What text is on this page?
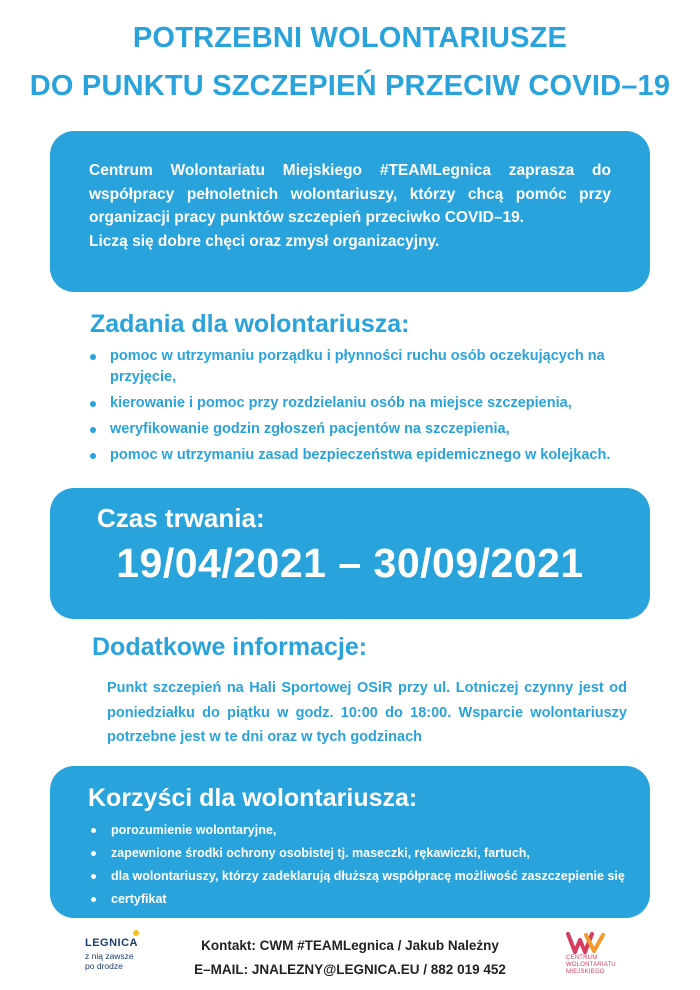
POTRZEBNI WOLONTARIUSZE
DO PUNKTU SZCZEPIEŃ PRZECIW COVID–19

Centrum Wolontariatu Miejskiego #TEAMLegnica zaprasza do współpracy pełnoletnich wolontariuszy, którzy chcą pomóc przy organizacji pracy punktów szczepień przeciwko COVID–19.

Liczą się dobre chęci oraz zmysł organizacyjny.

Zadania dla wolontariusza:
pomoc w utrzymaniu porządku i płynności ruchu osób oczekujących na przyjęcie,
kierowanie i pomoc przy rozdzielaniu osób na miejsce szczepienia,
weryfikowanie godzin zgłoszeń pacjentów na szczepienia,
pomoc w utrzymaniu zasad bezpieczeństwa epidemicznego w kolejkach.
Czas trwania:
19/04/2021 – 30/09/2021
Dodatkowe informacje:

Punkt szczepień na Hali Sportowej OSiR przy ul. Lotniczej czynny jest od poniedziałku do piątku w godz. 10:00 do 18:00. Wsparcie wolontariuszy potrzebne jest w te dni oraz w tych godzinach

Korzyści dla wolontariusza:
porozumienie wolontaryjne,
zapewnione środki ochrony osobistej tj. maseczki, rękawiczki, fartuch,
dla wolontariuszy, którzy zadeklarują dłuższą współpracę możliwość zaszczepienie się
certyfikat
LEGNICA
z nią zawsze
po drodze
Kontakt: CWM #TEAMLegnica / Jakub Należny
E–MAIL: JNALEZNY@LEGNICA.EU / 882 019 452
CENTRUM
WOLONTARIATU
MIEJSKIEGO
